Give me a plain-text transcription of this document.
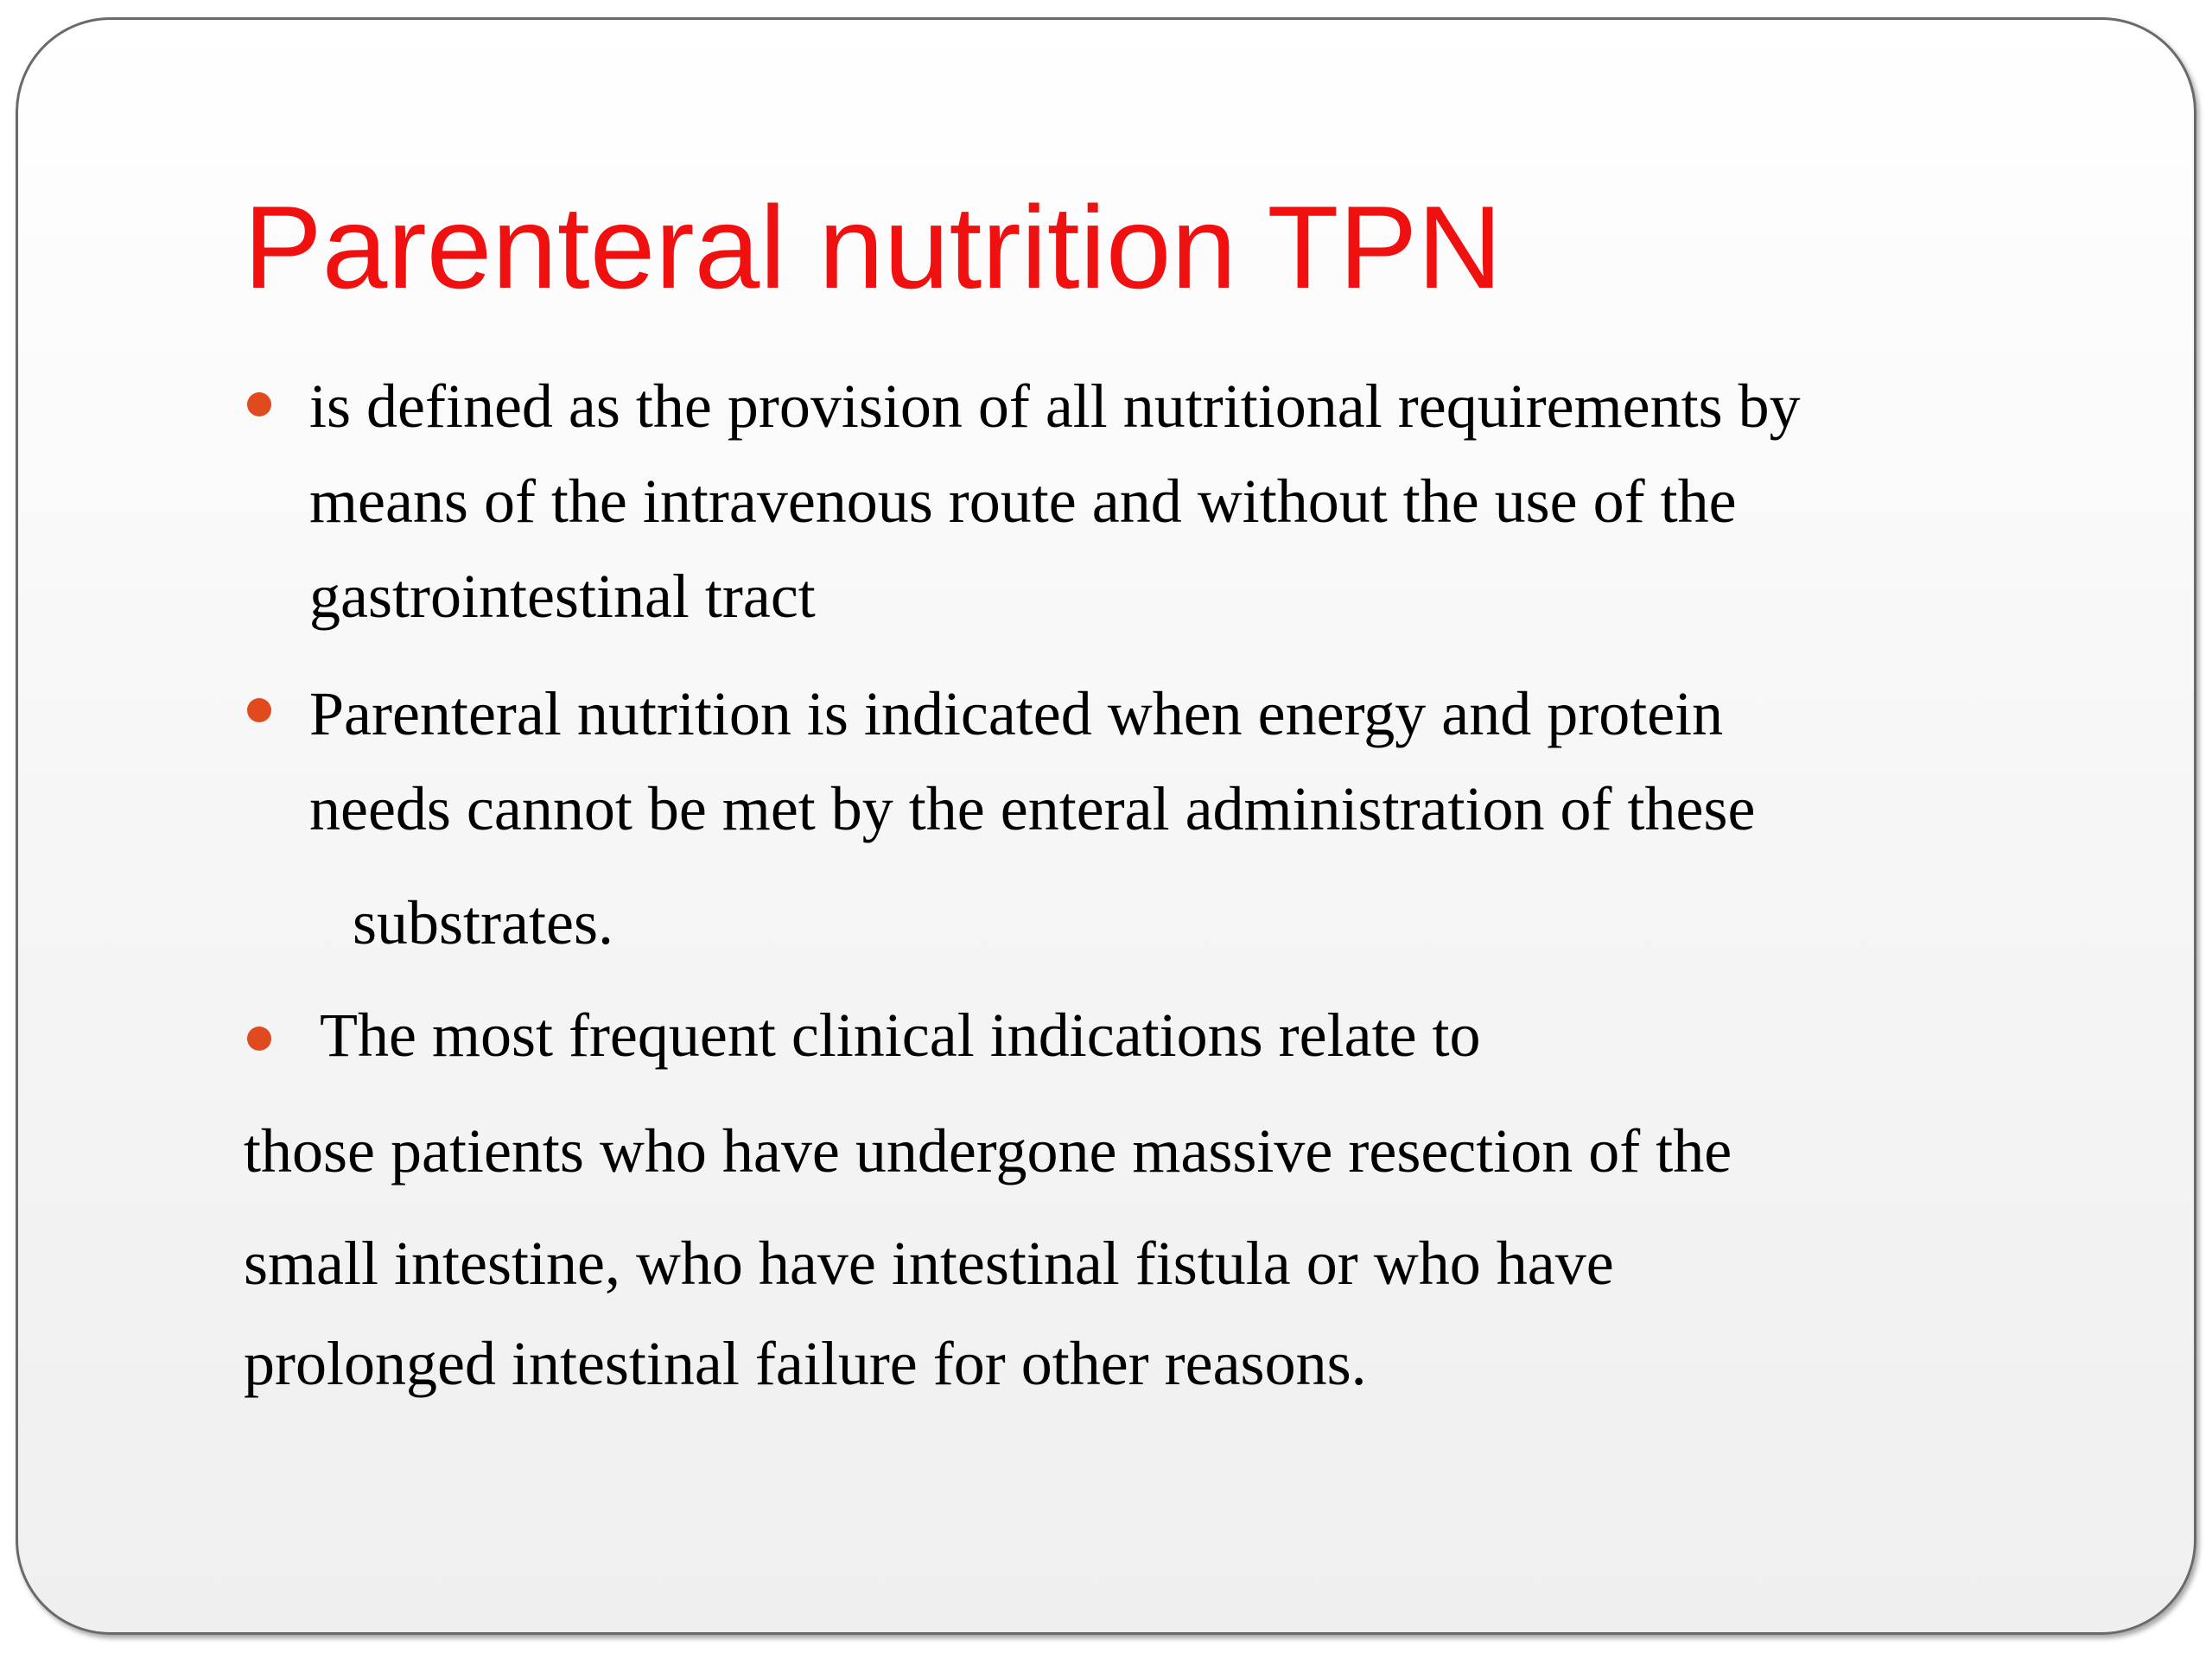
Parenteral nutrition TPN
is defined as the provision of all nutritional requirements by
means of the intravenous route and without the use of the
gastrointestinal tract
Parenteral nutrition is indicated when energy and protein
needs cannot be met by the enteral administration of these
substrates.
The most frequent clinical indications relate to
those patients who have undergone massive resection of the
small intestine, who have intestinal fistula or who have
prolonged intestinal failure for other reasons.
